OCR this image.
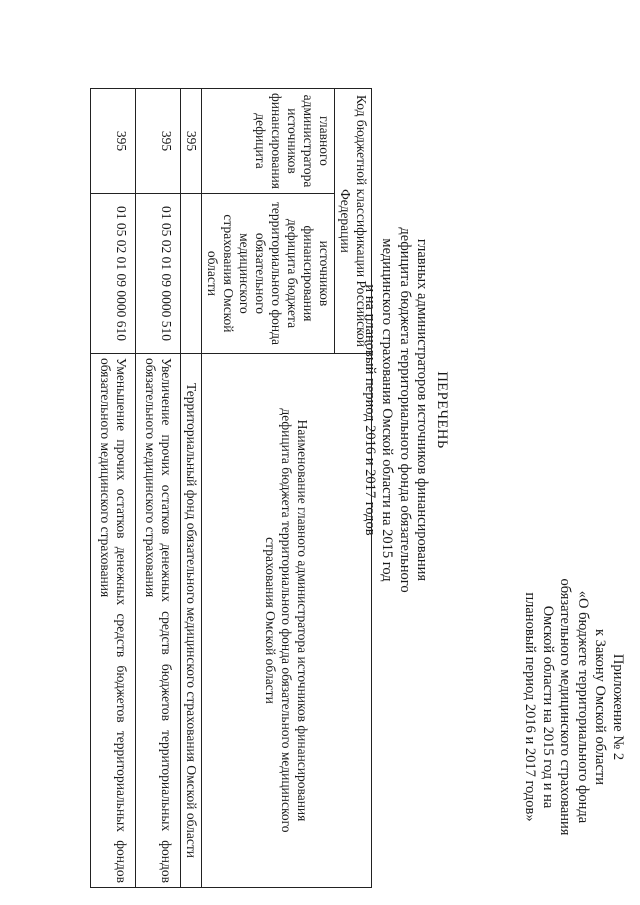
Приложение № 2
к Закону Омской области
«О бюджете территориального фонда
обязательного медицинского страхования
Омской области на 2015 год и на
плановый период 2016 и 2017 годов»
ПЕРЕЧЕНЬ
главных администраторов источников финансирования
дефицита бюджета территориального фонда обязательного
медицинского страхования Омской области на 2015 год
и на плановый период 2016 и 2017 годов
Код бюджетной классификации Российской Федерации		Наименование главного администратора источников финансирования дефицита бюджета территориального фонда обязательного медицинского страхования Омской области
главного администратора источников финансирования дефицита	источников финансирования дефицита бюджета территориального фонда обязательного медицинского страхования Омской области	
395		Территориальный фонд обязательного медицинского страхования Омской области
395	01 05 02 01 09 0000 510	Увеличение прочих остатков денежных средств бюджетов территориальных фондов обязательного медицинского страхования
395	01 05 02 01 09 0000 610	Уменьшение прочих остатков денежных средств бюджетов территориальных фондов обязательного медицинского страхования
